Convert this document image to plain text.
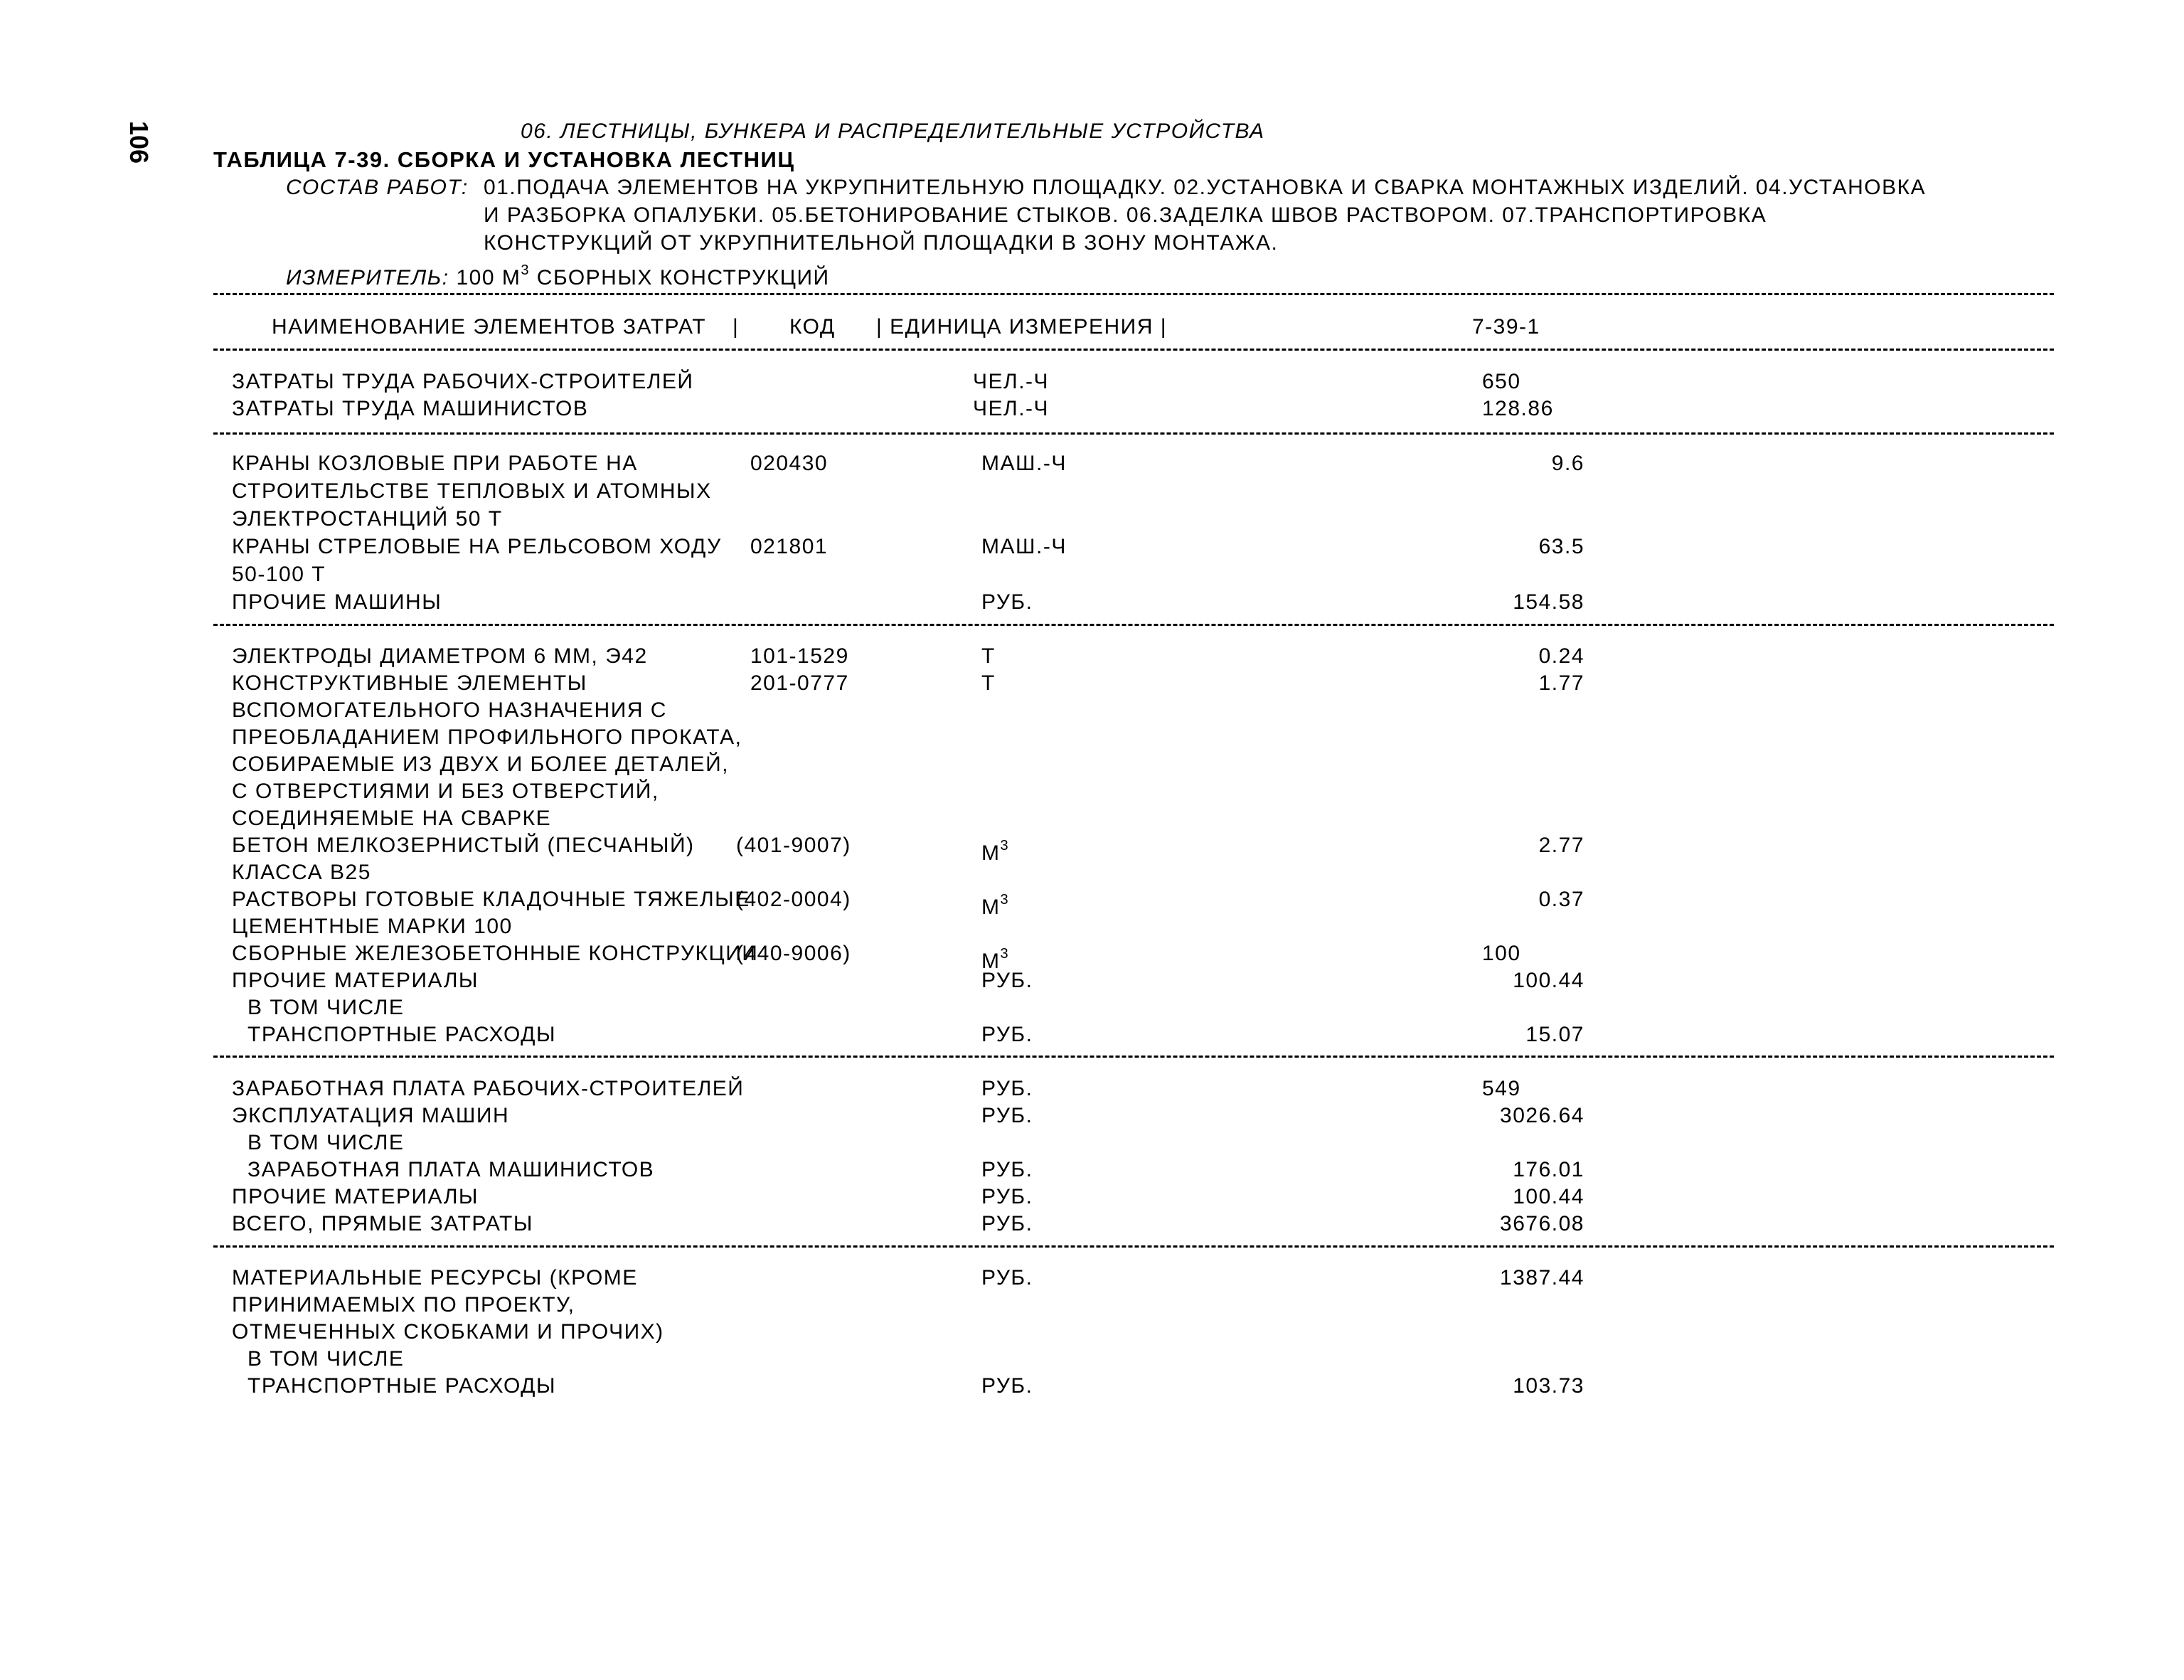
106	06. ЛЕСТНИЦЫ, БУНКЕРА И РАСПРЕДЕЛИТЕЛЬНЫЕ УСТРОЙСТВА
ТАБЛИЦА 7-39. СБОРКА И УСТАНОВКА ЛЕСТНИЦ
СОСТАВ РАБОТ: 01.ПОДАЧА ЭЛЕМЕНТОВ НА УКРУПНИТЕЛЬНУЮ ПЛОЩАДКУ. 02.УСТАНОВКА И СВАРКА МОНТАЖНЫХ ИЗДЕЛИЙ. 04.УСТАНОВКА
И РАЗБОРКА ОПАЛУБКИ. 05.БЕТОНИРОВАНИЕ СТЫКОВ. 06.ЗАДЕЛКА ШВОВ РАСТВОРОМ. 07.ТРАНСПОРТИРОВКА
КОНСТРУКЦИЙ ОТ УКРУПНИТЕЛЬНОЙ ПЛОЩАДКИ В ЗОНУ МОНТАЖА.
ИЗМЕРИТЕЛЬ: 100 $М^3$ СБОРНЫХ КОНСТРУКЦИЙ
НАИМЕНОВАНИЕ ЭЛЕМЕНТОВ ЗАТРАТ | КОД | ЕДИНИЦА ИЗМЕРЕНИЯ |	7-39-1
ЗАТРАТЫ ТРУДА РАБОЧИХ-СТРОИТЕЛЕЙ	ЧЕЛ.-Ч	650
ЗАТРАТЫ ТРУДА МАШИНИСТОВ	ЧЕЛ.-Ч	128.86
КРАНЫ КОЗЛОВЫЕ ПРИ РАБОТЕ НА
СТРОИТЕЛЬСТВЕ ТЕПЛОВЫХ И АТОМНЫХ
ЭЛЕКТРОСТАНЦИЙ 50 Т
020430	МАШ.-Ч	9.6
КРАНЫ СТРЕЛОВЫЕ НА РЕЛЬСОВОМ ХОДУ
50-100 Т
021801	МАШ.-Ч	63.5
ПРОЧИЕ МАШИНЫ	РУБ.	154.58
ЭЛЕКТРОДЫ ДИАМЕТРОМ 6 ММ, Э42	101-1529	Т	0.24
КОНСТРУКТИВНЫЕ ЭЛЕМЕНТЫ
ВСПОМОГАТЕЛЬНОГО НАЗНАЧЕНИЯ С
ПРЕОБЛАДАНИЕМ ПРОФИЛЬНОГО ПРОКАТА,
СОБИРАЕМЫЕ ИЗ ДВУХ И БОЛЕЕ ДЕТАЛЕЙ,
С ОТВЕРСТИЯМИ И БЕЗ ОТВЕРСТИЙ,
СОЕДИНЯЕМЫЕ НА СВАРКЕ
201-0777	Т	1.77
БЕТОН МЕЛКОЗЕРНИСТЫЙ (ПЕСЧАНЫЙ)
КЛАССА В25
(401-9007)	$М^3$	2.77
РАСТВОРЫ ГОТОВЫЕ КЛАДОЧНЫЕ ТЯЖЕЛЫЕ
ЦЕМЕНТНЫЕ МАРКИ 100
(402-0004)	$М^3$	0.37
СБОРНЫЕ ЖЕЛЕЗОБЕТОННЫЕ КОНСТРУКЦИИ
(440-9006)	$М^3$	100
ПРОЧИЕ МАТЕРИАЛЫ	РУБ.	100.44
В ТОМ ЧИСЛЕ
ТРАНСПОРТНЫЕ РАСХОДЫ	РУБ.	15.07
ЗАРАБОТНАЯ ПЛАТА РАБОЧИХ-СТРОИТЕЛЕЙ	РУБ.	549
ЭКСПЛУАТАЦИЯ МАШИН	РУБ.	3026.64
В ТОМ ЧИСЛЕ
ЗАРАБОТНАЯ ПЛАТА МАШИНИСТОВ	РУБ.	176.01
ПРОЧИЕ МАТЕРИАЛЫ	РУБ.	100.44
ВСЕГО, ПРЯМЫЕ ЗАТРАТЫ	РУБ.	3676.08
МАТЕРИАЛЬНЫЕ РЕСУРСЫ (КРОМЕ
ПРИНИМАЕМЫХ ПО ПРОЕКТУ,
ОТМЕЧЕННЫХ СКОБКАМИ И ПРОЧИХ)
РУБ.	1387.44
В ТОМ ЧИСЛЕ
ТРАНСПОРТНЫЕ РАСХОДЫ	РУБ.	103.73
